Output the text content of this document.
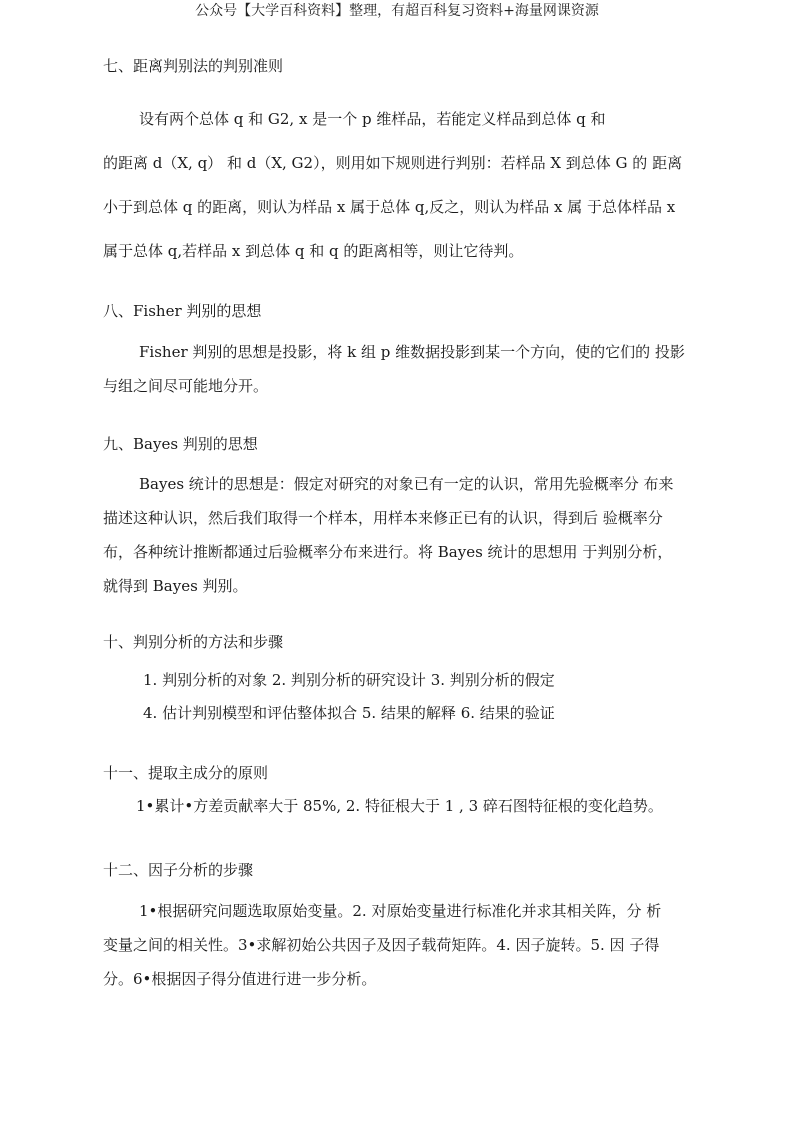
公众号【大学百科资料】整理，有超百科复习资料+海量网课资源

七、距离判别法的判别准则

设有两个总体 q 和 G2, x 是一个 p 维样品，若能定义样品到总体 q 和
的距离 d（X, q） 和 d（X, G2），则用如下规则进行判别：若样品 X 到总体 G 的 距离
小于到总体 q 的距离，则认为样品 x 属于总体 q,反之，则认为样品 x 属 于总体样品 x
属于总体 q,若样品 x 到总体 q 和 q 的距离相等，则让它待判。

八、Fisher 判别的思想

Fisher 判别的思想是投影，将 k 组 p 维数据投影到某一个方向，使的它们的 投影
与组之间尽可能地分开。

九、Bayes 判别的思想

Bayes 统计的思想是：假定对研究的对象已有一定的认识，常用先验概率分 布来
描述这种认识，然后我们取得一个样本，用样本来修正已有的认识，得到后 验概率分
布，各种统计推断都通过后验概率分布来进行。将 Bayes 统计的思想用 于判别分析，
就得到 Bayes 判别。

十、判别分析的方法和步骤

1. 判别分析的对象 2. 判别分析的研究设计 3. 判别分析的假定
4. 估计判别模型和评估整体拟合 5. 结果的解释 6. 结果的验证

十一、提取主成分的原则

1•累计•方差贡献率大于 85%, 2. 特征根大于 1 , 3 碎石图特征根的变化趋势。

十二、因子分析的步骤

1•根据研究问题选取原始变量。2. 对原始变量进行标准化并求其相关阵，分 析
变量之间的相关性。3•求解初始公共因子及因子载荷矩阵。4. 因子旋转。5. 因 子得
分。6•根据因子得分值进行进一步分析。
